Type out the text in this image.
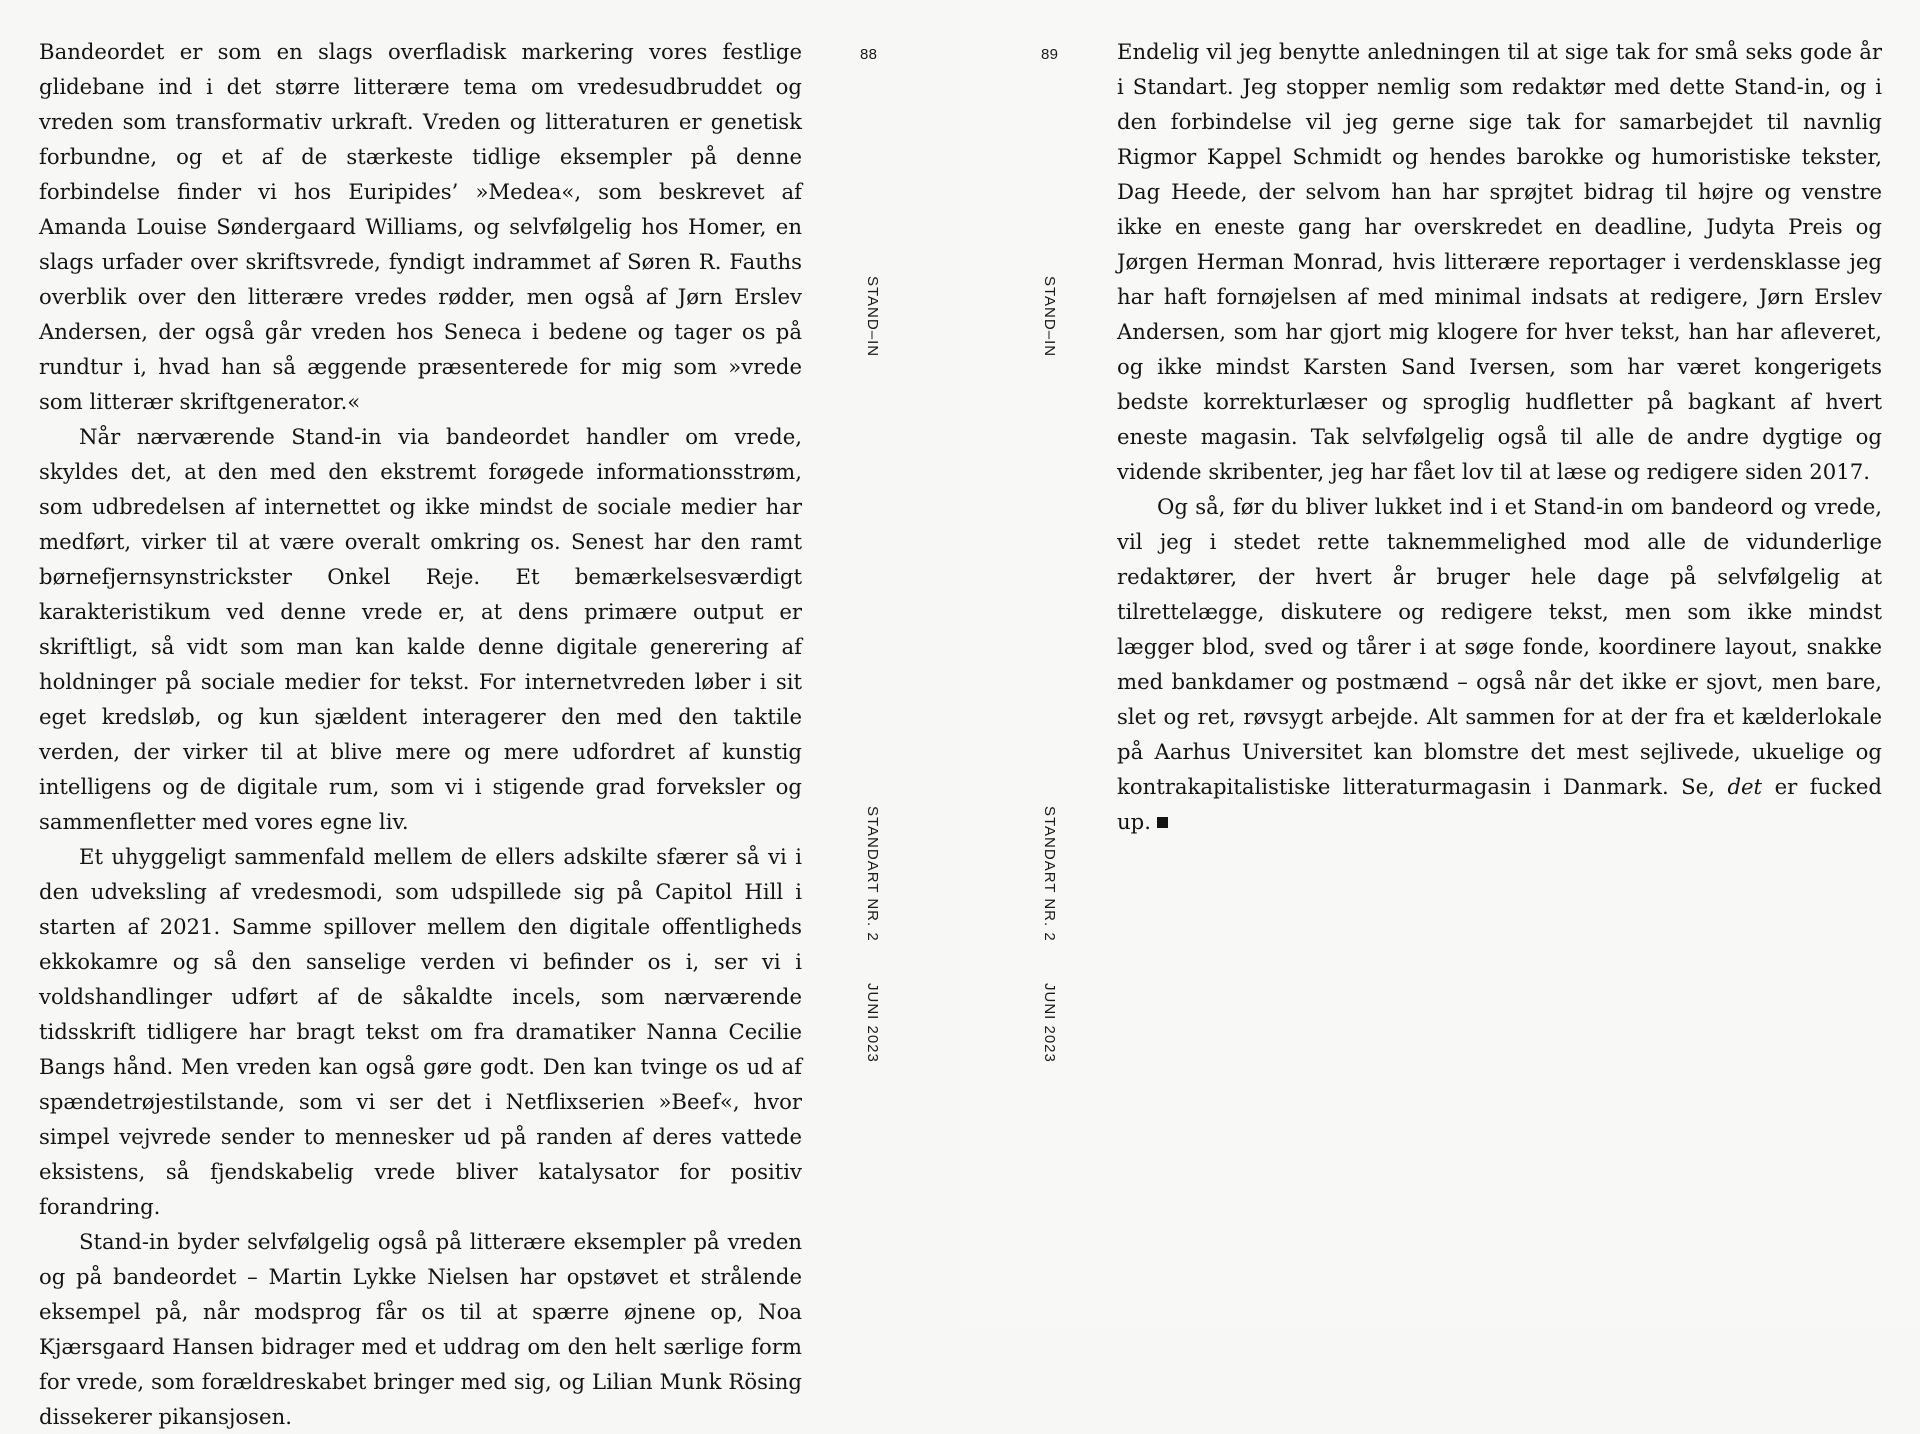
Bandeordet er som en slags overfladisk markering vores festlige glidebane ind i det større litterære tema om vredesudbruddet og vreden som transformativ urkraft. Vreden og litteraturen er genetisk forbundne, og et af de stærkeste tidlige eksempler på denne forbindelse finder vi hos Euripides’ »Medea«, som beskrevet af Amanda Louise Søndergaard Williams, og selvfølgelig hos Homer, en slags urfader over skriftsvrede, fyndigt indrammet af Søren R. Fauths overblik over den litterære vredes rødder, men også af Jørn Erslev Andersen, der også går vreden hos Seneca i bedene og tager os på rundtur i, hvad han så æggende præsenterede for mig som »vrede som litterær skriftgenerator.«

Når nærværende Stand-in via bandeordet handler om vrede, skyldes det, at den med den ekstremt forøgede informationsstrøm, som udbredelsen af internettet og ikke mindst de sociale medier har medført, virker til at være overalt omkring os. Senest har den ramt børnefjernsynstrickster Onkel Reje. Et bemærkelsesværdigt karakteristikum ved denne vrede er, at dens primære output er skriftligt, så vidt som man kan kalde denne digitale generering af holdninger på sociale medier for tekst. For internetvreden løber i sit eget kredsløb, og kun sjældent interagerer den med den taktile verden, der virker til at blive mere og mere udfordret af kunstig intelligens og de digitale rum, som vi i stigende grad forveksler og sammenfletter med vores egne liv.

Et uhyggeligt sammenfald mellem de ellers adskilte sfærer så vi i den udveksling af vredesmodi, som udspillede sig på Capitol Hill i starten af 2021. Samme spillover mellem den digitale offentligheds ekkokamre og så den sanselige verden vi befinder os i, ser vi i voldshandlinger udført af de såkaldte incels, som nærværende tidsskrift tidligere har bragt tekst om fra dramatiker Nanna Cecilie Bangs hånd. Men vreden kan også gøre godt. Den kan tvinge os ud af spændetrøjestilstande, som vi ser det i Netflixserien »Beef«, hvor simpel vejvrede sender to mennesker ud på randen af deres vattede eksistens, så fjendskabelig vrede bliver katalysator for positiv forandring.

Stand-in byder selvfølgelig også på litterære eksempler på vreden og på bandeordet – Martin Lykke Nielsen har opstøvet et strålende eksempel på, når modsprog får os til at spærre øjnene op, Noa Kjærsgaard Hansen bidrager med et uddrag om den helt særlige form for vrede, som forældreskabet bringer med sig, og Lilian Munk Rösing dissekerer pikansjosen.

88
STAND–IN
STANDART NR. 2
JUNI 2023
89
STAND–IN
STANDART NR. 2
JUNI 2023

Endelig vil jeg benytte anledningen til at sige tak for små seks gode år i Standart. Jeg stopper nemlig som redaktør med dette Stand-in, og i den forbindelse vil jeg gerne sige tak for samarbejdet til navnlig Rigmor Kappel Schmidt og hendes barokke og humoristiske tekster, Dag Heede, der selvom han har sprøjtet bidrag til højre og venstre ikke en eneste gang har overskredet en deadline, Judyta Preis og Jørgen Herman Monrad, hvis litterære reportager i verdensklasse jeg har haft fornøjelsen af med minimal indsats at redigere, Jørn Erslev Andersen, som har gjort mig klogere for hver tekst, han har afleveret, og ikke mindst Karsten Sand Iversen, som har været kongerigets bedste korrekturlæser og sproglig hudfletter på bagkant af hvert eneste magasin. Tak selvfølgelig også til alle de andre dygtige og vidende skribenter, jeg har fået lov til at læse og redigere siden 2017.

Og så, før du bliver lukket ind i et Stand-in om bandeord og vrede, vil jeg i stedet rette taknemmelighed mod alle de vidunderlige redaktører, der hvert år bruger hele dage på selvfølgelig at tilrettelægge, diskutere og redigere tekst, men som ikke mindst lægger blod, sved og tårer i at søge fonde, koordinere layout, snakke med bankdamer og postmænd – også når det ikke er sjovt, men bare, slet og ret, røvsygt arbejde. Alt sammen for at der fra et kælderlokale på Aarhus Universitet kan blomstre det mest sejlivede, ukuelige og kontrakapitalistiske litteraturmagasin i Danmark. Se, det er fucked up.
